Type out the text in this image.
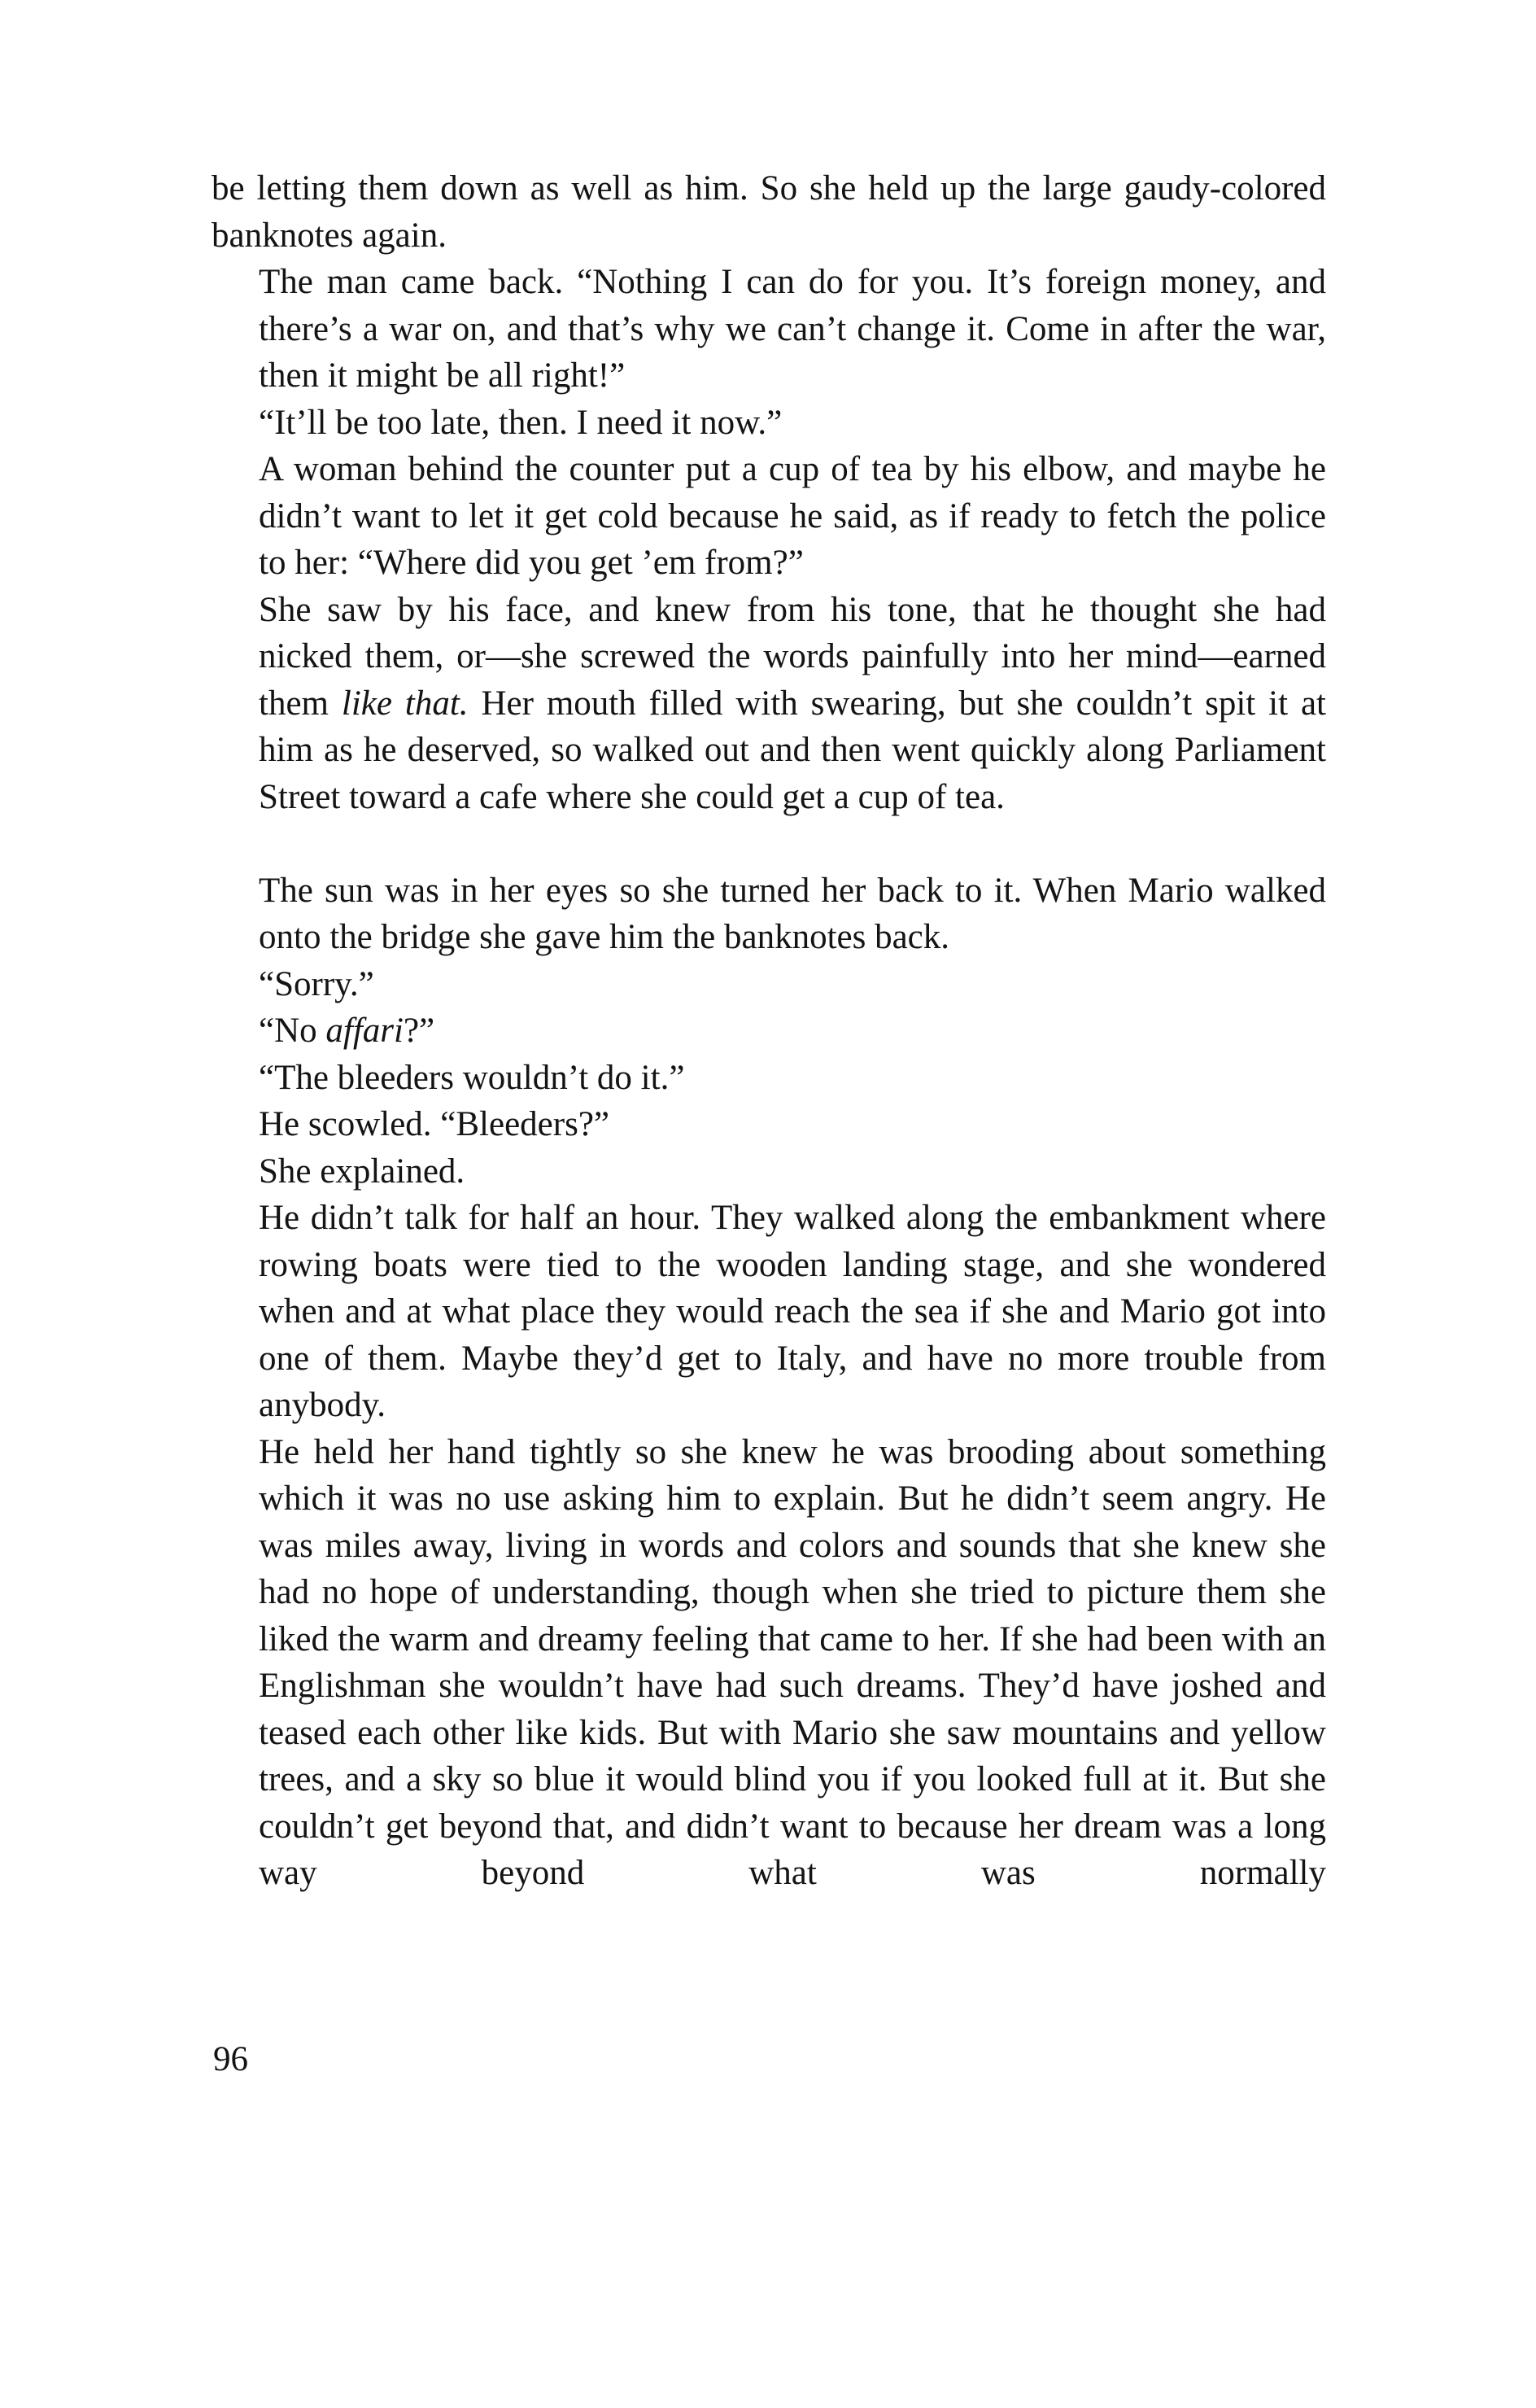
be letting them down as well as him. So she held up the large gaudy-colored banknotes again.

The man came back. “Nothing I can do for you. It’s foreign money, and there’s a war on, and that’s why we can’t change it. Come in after the war, then it might be all right!”

“It’ll be too late, then. I need it now.”

A woman behind the counter put a cup of tea by his elbow, and maybe he didn’t want to let it get cold because he said, as if ready to fetch the police to her: “Where did you get ’em from?”

She saw by his face, and knew from his tone, that he thought she had nicked them, or—she screwed the words painfully into her mind—earned them like that. Her mouth filled with swearing, but she couldn’t spit it at him as he deserved, so walked out and then went quickly along Parliament Street toward a cafe where she could get a cup of tea.

The sun was in her eyes so she turned her back to it. When Mario walked onto the bridge she gave him the banknotes back.

“Sorry.”

“No affari?”

“The bleeders wouldn’t do it.”

He scowled. “Bleeders?”

She explained.

He didn’t talk for half an hour. They walked along the embankment where rowing boats were tied to the wooden landing stage, and she wondered when and at what place they would reach the sea if she and Mario got into one of them. Maybe they’d get to Italy, and have no more trouble from anybody.

He held her hand tightly so she knew he was brooding about something which it was no use asking him to explain. But he didn’t seem angry. He was miles away, living in words and colors and sounds that she knew she had no hope of understanding, though when she tried to picture them she liked the warm and dreamy feeling that came to her. If she had been with an Englishman she wouldn’t have had such dreams. They’d have joshed and teased each other like kids. But with Mario she saw mountains and yellow trees, and a sky so blue it would blind you if you looked full at it. But she couldn’t get beyond that, and didn’t want to because her dream was a long way beyond what was normally

96
